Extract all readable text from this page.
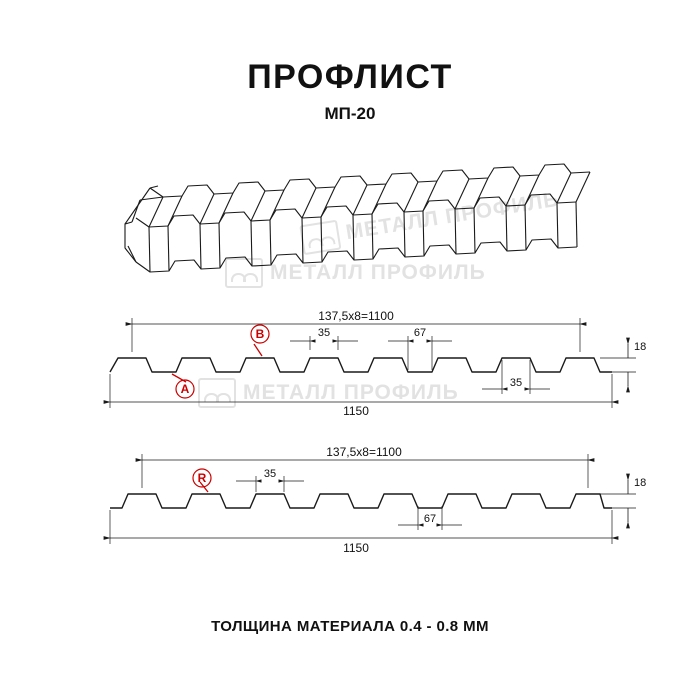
ПРОФЛИСТ
МП-20
ТОЛЩИНА МАТЕРИАЛА 0.4 - 0.8 ММ
МЕТАЛЛ ПРОФИЛЬ
МЕТАЛЛ ПРОФИЛЬ
МЕТАЛЛ ПРОФИЛЬ
137,5х8=1100
1150
18
35	67
35
A
B
137,5х8=1100
1150
18
35
67
R
